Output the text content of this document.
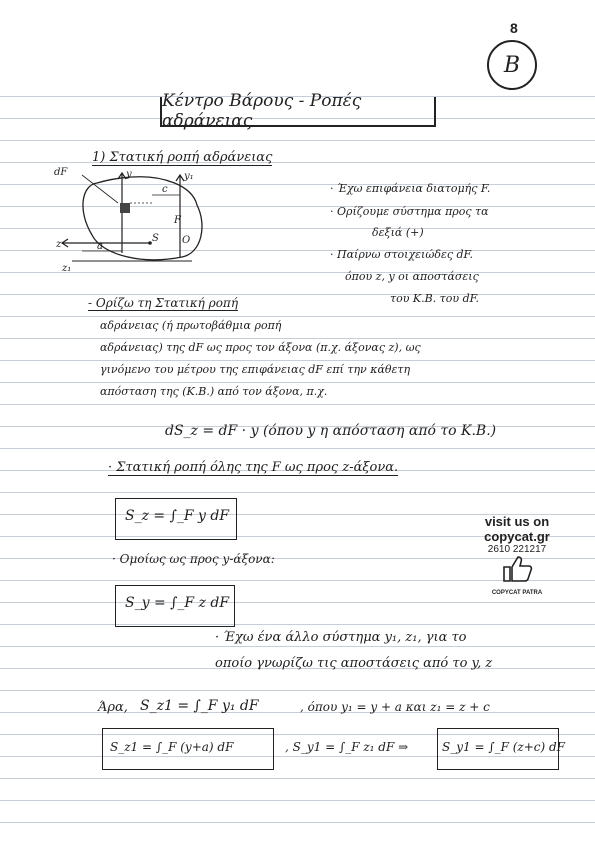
8
Β
Κέντρο Βάρους - Ροπές αδράνειας
1) Στατική ροπή αδράνειας
dF	y	y₁
c
F
z	a
S O
z₁
· Έχω επιφάνεια διατομής F.
· Ορίζουμε σύστημα προς τα
δεξιά (+)
· Παίρνω στοιχειώδες dF.
όπου z, y οι αποστάσεις
του Κ.Β. του dF.
- Ορίζω τη Στατική ροπή
αδράνειας (ή πρωτοβάθμια ροπή
αδράνειας) της dF ως προς τον άξονα (π.χ. άξονας z), ως
γινόμενο του μέτρου της επιφάνειας dF επί την κάθετη
απόσταση της (Κ.Β.) από τον άξονα, π.χ.
dS_z = dF · y (όπου y η απόσταση από το Κ.Β.)
· Στατική ροπή όλης της F ως προς z-άξονα.
S_z = ∫_F y dF
· Ομοίως ως προς y-άξονα:
S_y = ∫_F z dF
· Έχω ένα άλλο σύστημα y₁, z₁, για το
οποίο γνωρίζω τις αποστάσεις από το y, z
Άρα, S_z1 = ∫_F y₁ dF	, όπου y₁ = y + a και z₁ = z + c
S_z1 = ∫_F (y+a) dF	, S_y1 = ∫_F z₁ dF ⇒	S_y1 = ∫_F (z+c) dF
visit us on
copycat.gr
2610 221217
COPYCAT PATRA
